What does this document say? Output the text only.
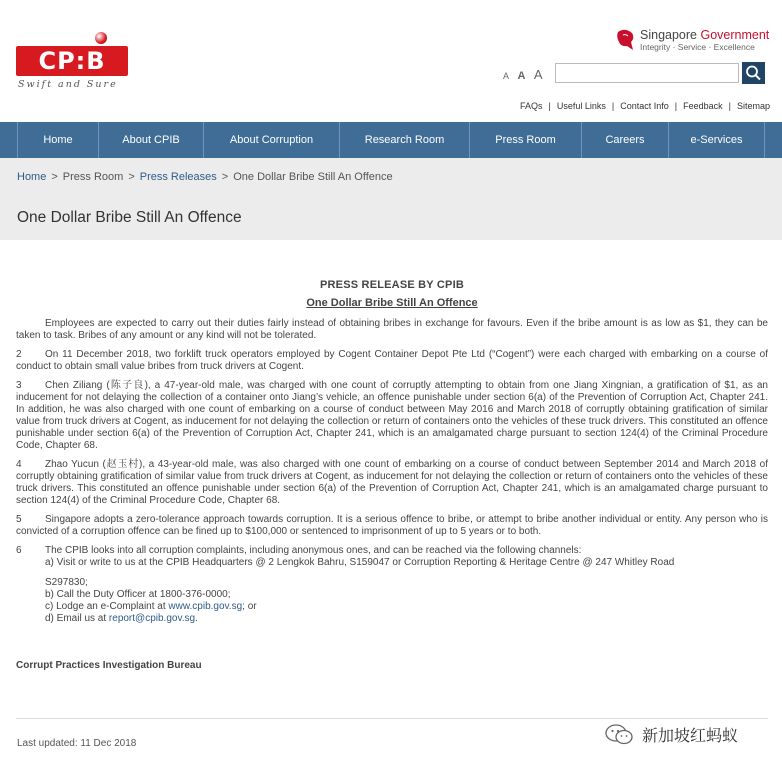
CP:B
Swift and Sure
Singapore Government
Integrity · Service · Excellence
A A A
FAQs | Useful Links | Contact Info | Feedback | Sitemap
Home	About CPIB	About Corruption	Research Room	Press Room	Careers	e-Services
Home > Press Room > Press Releases > One Dollar Bribe Still An Offence
One Dollar Bribe Still An Offence
PRESS RELEASE BY CPIB
One Dollar Bribe Still An Offence
Employees are expected to carry out their duties fairly instead of obtaining bribes in exchange for favours. Even if the bribe amount is as low as $1, they can be taken to task. Bribes of any amount or any kind will not be tolerated.
2 On 11 December 2018, two forklift truck operators employed by Cogent Container Depot Pte Ltd (“Cogent”) were each charged with embarking on a course of conduct to obtain small value bribes from truck drivers at Cogent.
3 Chen Ziliang (陈子良), a 47-year-old male, was charged with one count of corruptly attempting to obtain from one Jiang Xingnian, a gratification of $1, as an inducement for not delaying the collection of a container onto Jiang’s vehicle, an offence punishable under section 6(a) of the Prevention of Corruption Act, Chapter 241. In addition, he was also charged with one count of embarking on a course of conduct between May 2016 and March 2018 of corruptly obtaining gratification of similar value from truck drivers at Cogent, as inducement for not delaying the collection or return of containers onto the vehicles of these truck drivers. This constituted an offence punishable under section 6(a) of the Prevention of Corruption Act, Chapter 241, which is an amalgamated charge pursuant to section 124(4) of the Criminal Procedure Code, Chapter 68.
4 Zhao Yucun (赵玉村), a 43-year-old male, was also charged with one count of embarking on a course of conduct between September 2014 and March 2018 of corruptly obtaining gratification of similar value from truck drivers at Cogent, as inducement for not delaying the collection or return of containers onto the vehicles of these truck drivers. This constituted an offence punishable under section 6(a) of the Prevention of Corruption Act, Chapter 241, which is an amalgamated charge pursuant to section 124(4) of the Criminal Procedure Code, Chapter 68.
5 Singapore adopts a zero-tolerance approach towards corruption. It is a serious offence to bribe, or attempt to bribe another individual or entity. Any person who is convicted of a corruption offence can be fined up to $100,000 or sentenced to imprisonment of up to 5 years or to both.
6 The CPIB looks into all corruption complaints, including anonymous ones, and can be reached via the following channels:
a) Visit or write to us at the CPIB Headquarters @ 2 Lengkok Bahru, S159047 or Corruption Reporting & Heritage Centre @ 247 Whitley Road
S297830;
b) Call the Duty Officer at 1800-376-0000;
c) Lodge an e-Complaint at www.cpib.gov.sg; or
d) Email us at report@cpib.gov.sg.
Corrupt Practices Investigation Bureau
Last updated: 11 Dec 2018	新加坡红蚂蚁
